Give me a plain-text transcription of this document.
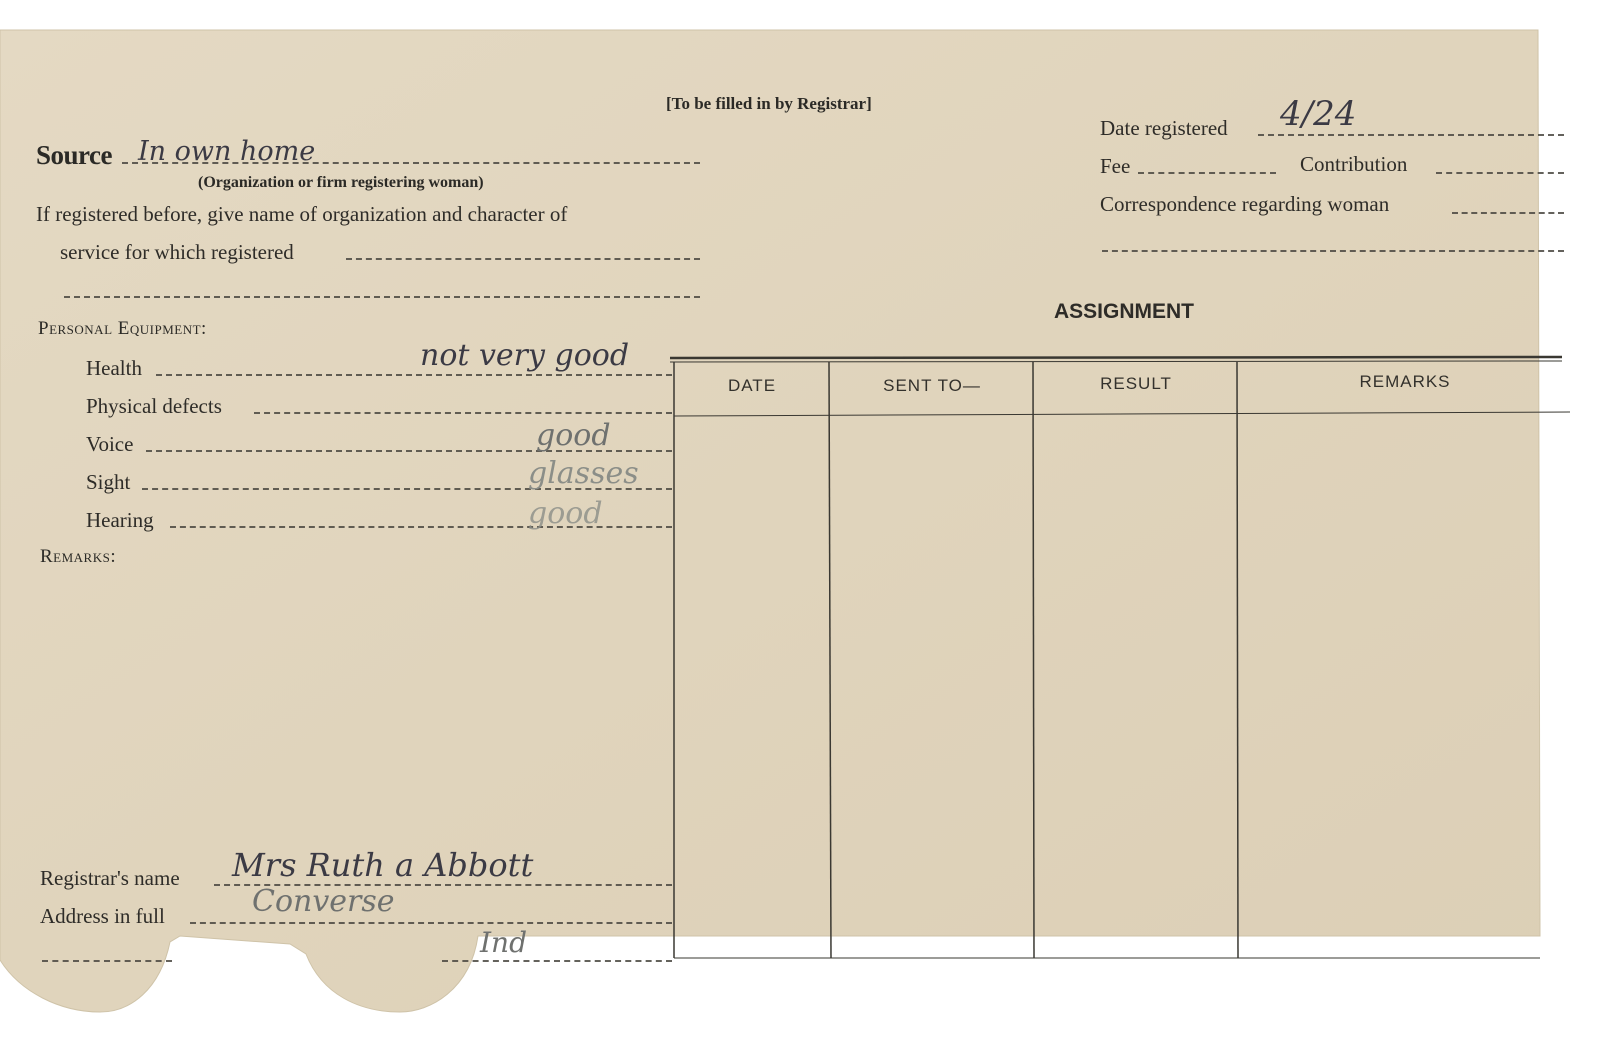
[To be filled in by Registrar]
Source In own home
(Organization or firm registering woman)
If registered before, give name of organization and character of
service for which registered
Date registered 4/24
Fee	Contribution
Correspondence regarding woman
Personal Equipment:
Health	not very good
Physical defects
Voice	good
Sight	glasses
Hearing	good
Remarks:
ASSIGNMENT
DATE	SENT TO—	RESULT	REMARKS
Registrar's name Mrs Ruth a Abbott
Address in full	Converse
Ind
